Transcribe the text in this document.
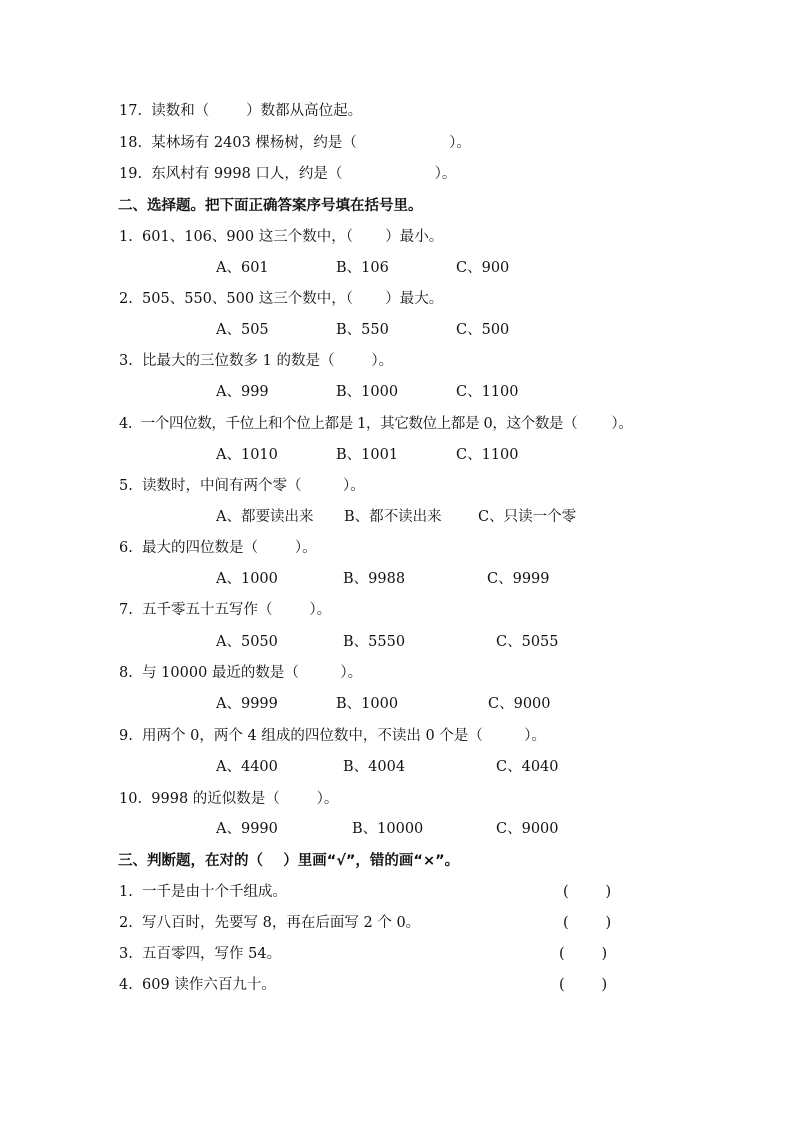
17.  读数和（        ）数都从高位起。
18.  某林场有 2403 棵杨树，约是（                    ）。
19.  东风村有 9998 口人，约是（                    ）。
二、选择题。把下面正确答案序号填在括号里。
1.  601、106、900 这三个数中，（       ）最小。
A、601	B、106	C、900
2.  505、550、500 这三个数中，（       ）最大。
A、505	B、550	C、500
3.  比最大的三位数多 1 的数是（        ）。
A、999	B、1000	C、1100
4.  一个四位数，千位上和个位上都是 1，其它数位上都是 0，这个数是（        ）。
A、1010	B、1001	C、1100
5.  读数时，中间有两个零（         ）。
A、都要读出来 B、都不读出来	C、只读一个零
6.  最大的四位数是（        ）。
A、1000	B、9988	C、9999
7.  五千零五十五写作（        ）。
A、5050	B、5550	C、5055
8.  与 10000 最近的数是（         ）。
A、9999	B、1000	C、9000
9.  用两个 0，两个 4 组成的四位数中，不读出 0 个是（         ）。
A、4400	B、4004	C、4040
10.  9998 的近似数是（        ）。
A、9990	B、10000	C、9000
三、判断题，在对的（    ）里画“√”，错的画“×”。
1.  一千是由十个千组成。	(        )
2.  写八百时，先要写 8，再在后面写 2 个 0。	(        )
3.  五百零四，写作 54。	(        )
4.  609 读作六百九十。	(        )
